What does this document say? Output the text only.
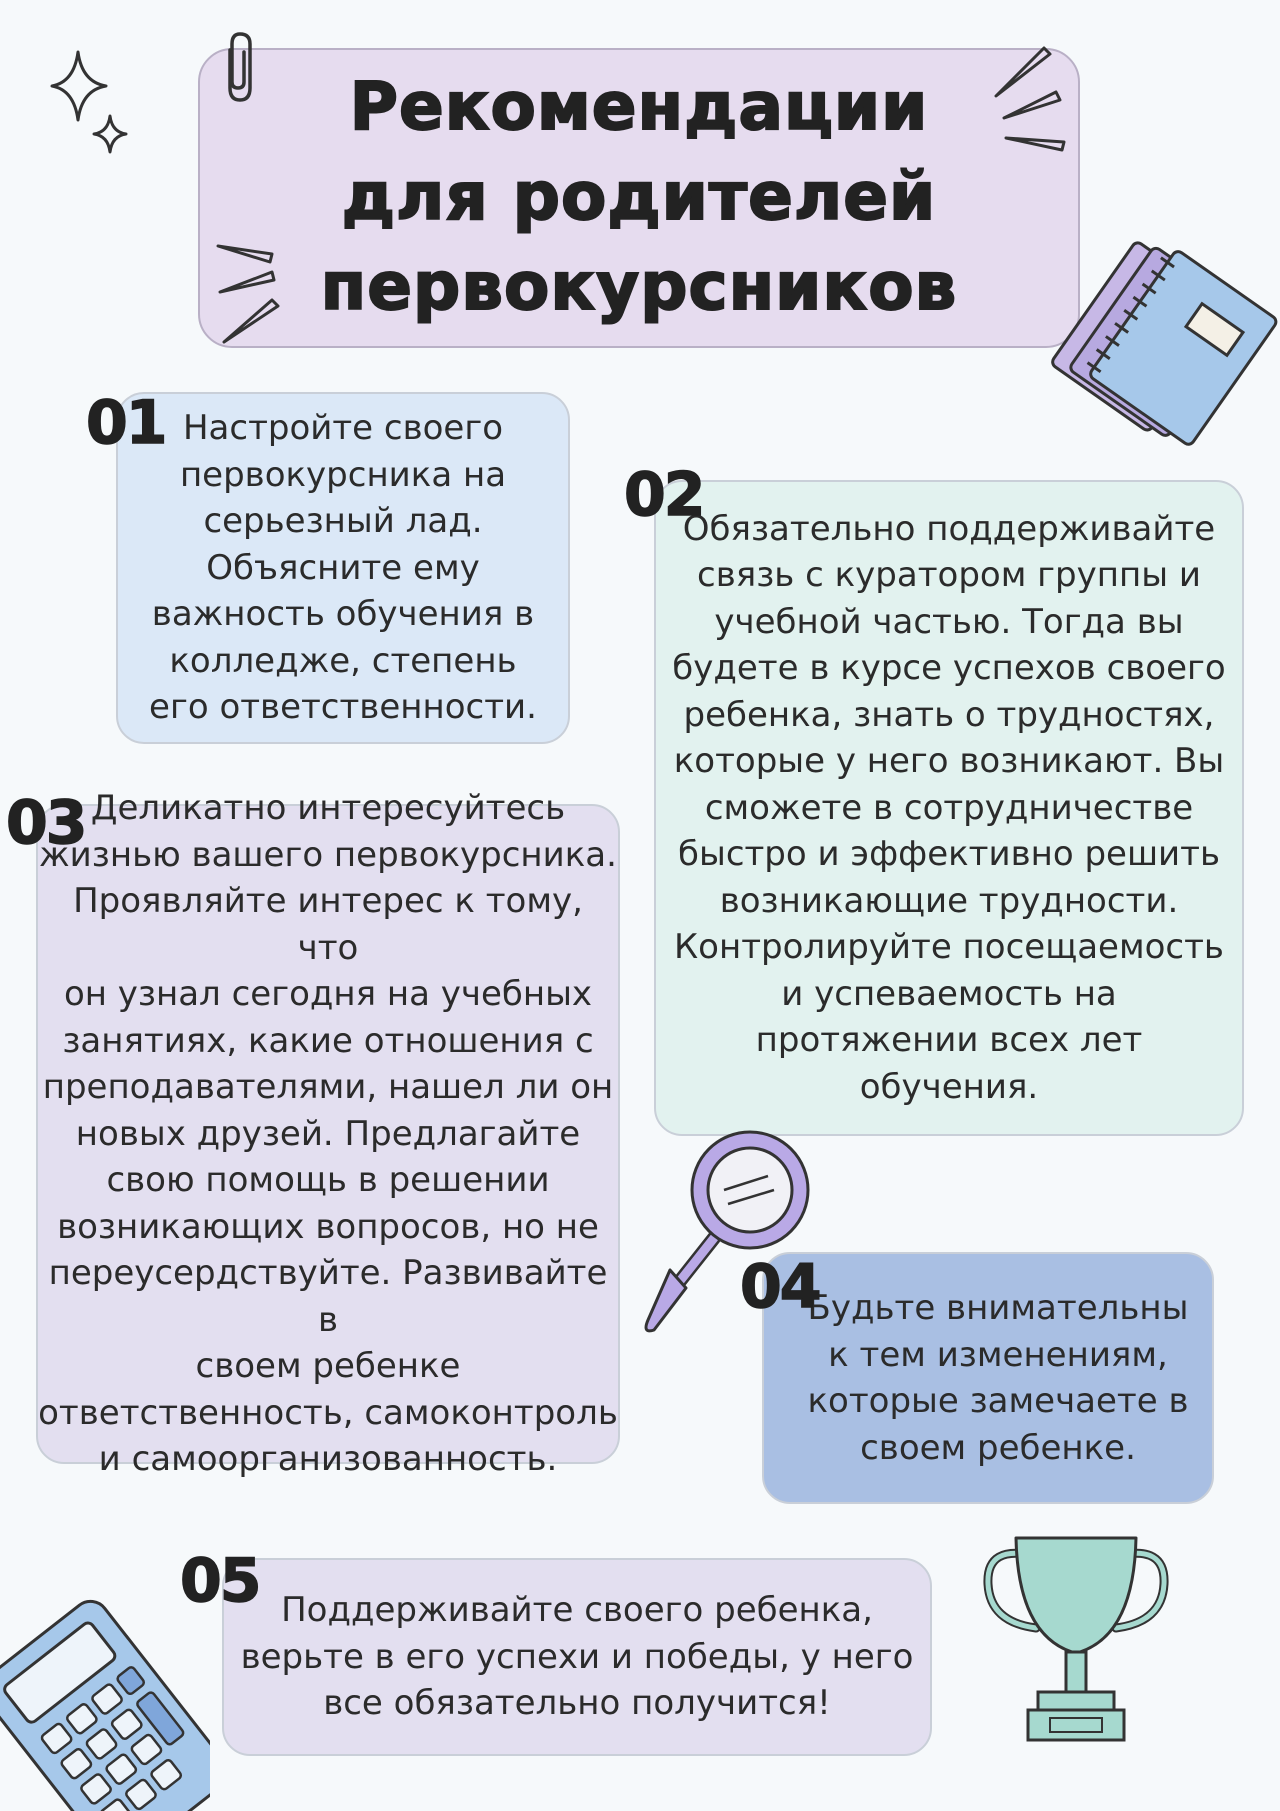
Рекомендации
для родителей
первокурсников

Настройте своего
первокурсника на
серьезный лад.
Объясните ему
важность обучения в
колледже, степень
его ответственности.

01

Обязательно поддерживайте
связь с куратором группы и
учебной частью. Тогда вы
будете в курсе успехов своего
ребенка, знать о трудностях,
которые у него возникают. Вы
сможете в сотрудничестве
быстро и эффективно решить
возникающие трудности.
Контролируйте посещаемость
и успеваемость на
протяжении всех лет
обучения.

02

Деликатно интересуйтесь
жизнью вашего первокурсника.
Проявляйте интерес к тому, что
он узнал сегодня на учебных
занятиях, какие отношения с
преподавателями, нашел ли он
новых друзей. Предлагайте
свою помощь в решении
возникающих вопросов, но не
переусердствуйте. Развивайте в
своем ребенке
ответственность, самоконтроль
и самоорганизованность.

03

Будьте внимательны
к тем изменениям,
которые замечаете в
своем ребенке.

04

Поддерживайте своего ребенка,
верьте в его успехи и победы, у него
все обязательно получится!

05
